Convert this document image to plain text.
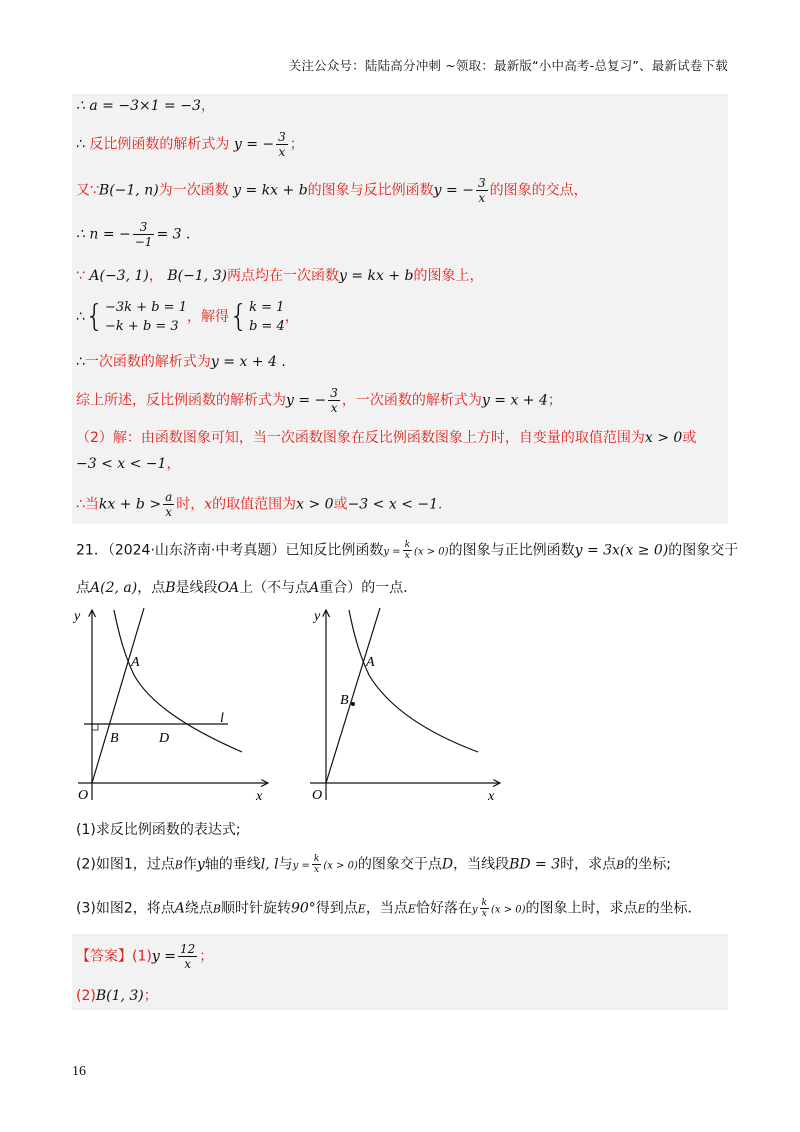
关注公众号：陆陆高分冲刺 ~领取：最新版“小中高考-总复习”、最新试卷下载
∴ a = −3×1 = −3，
∴ 反比例函数的解析式为 y = − $\frac{3}{x}$ ；
又∵B(−1, n)为一次函数 y = kx + b的图象与反比例函数y = − $\frac{3}{x}$ 的图象的交点，
∴ n = − $\frac{3}{-1} = 3$ ．
∵ A(−3, 1)， B(−1, 3)两点均在一次函数y = kx + b的图象上，
∴{ −3k + b = 1
−k + b = 3
，解得{ k = 1
b = 4
，
∴一次函数的解析式为y = x + 4 ．
综上所述，反比例函数的解析式为y = − $\frac{3}{x}$ ，一次函数的解析式为y = x + 4；
（2）解：由函数图象可知，当一次函数图象在反比例函数图象上方时，自变量的取值范围为x > 0或
−3 < x < −1，
∴当kx + $b > \frac{a}{x}$ 时，x的取值范围为x > 0或−3 < x < −1．
21．（2024·山东济南·中考真题）已知反比例函数$y = \frac{k}{x} (x > 0)$的图象与正比例函数y = 3x(x ≥ 0)的图象交于
点A(2, a)，点B是线段OA上（不与点A重合）的一点．
y
x
O
A
B	D
l
y
x
O
A
B
(1)求反比例函数的表达式;
(2)如图1，过点B作y轴的垂线l, l与$y = \frac{k}{x} (x > 0)$的图象交于点D，当线段BD = 3时，求点B的坐标;
(3)如图2，将点A绕点B顺时针旋转90°得到点E，当点E恰好落在y $\frac{k}{x} (x > 0)$的图象上时，求点E的坐标．
【答案】$(1)y = \frac{12}{x}$ ；
(2)B(1, 3)；
16
